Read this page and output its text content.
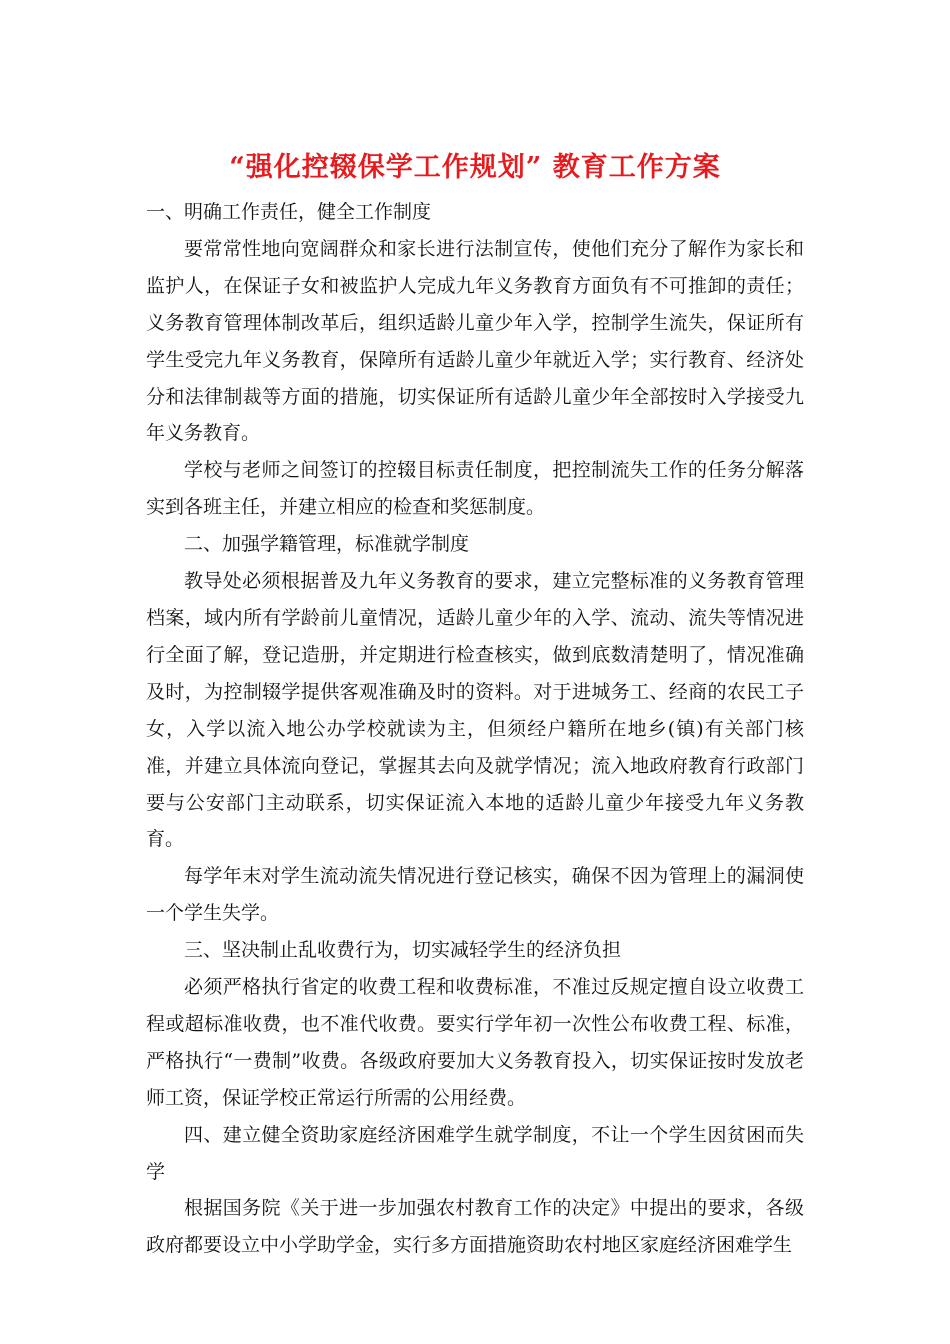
“强化控辍保学工作规划” 教育工作方案

一、明确工作责任，健全工作制度

要常常性地向宽阔群众和家长进行法制宣传，使他们充分了解作为家长和监护人，在保证子女和被监护人完成九年义务教育方面负有不可推卸的责任；义务教育管理体制改革后，组织适龄儿童少年入学，控制学生流失，保证所有学生受完九年义务教育，保障所有适龄儿童少年就近入学；实行教育、经济处分和法律制裁等方面的措施，切实保证所有适龄儿童少年全部按时入学接受九年义务教育。

学校与老师之间签订的控辍目标责任制度，把控制流失工作的任务分解落实到各班主任，并建立相应的检查和奖惩制度。

二、加强学籍管理，标准就学制度

教导处必须根据普及九年义务教育的要求，建立完整标准的义务教育管理档案，域内所有学龄前儿童情况，适龄儿童少年的入学、流动、流失等情况进行全面了解，登记造册，并定期进行检查核实，做到底数清楚明了，情况准确及时，为控制辍学提供客观准确及时的资料。对于进城务工、经商的农民工子女，入学以流入地公办学校就读为主，但须经户籍所在地乡(镇)有关部门核准，并建立具体流向登记，掌握其去向及就学情况；流入地政府教育行政部门要与公安部门主动联系，切实保证流入本地的适龄儿童少年接受九年义务教育。

每学年末对学生流动流失情况进行登记核实，确保不因为管理上的漏洞使一个学生失学。

三、坚决制止乱收费行为，切实减轻学生的经济负担

必须严格执行省定的收费工程和收费标准，不准过反规定擅自设立收费工程或超标准收费，也不准代收费。要实行学年初一次性公布收费工程、标准，严格执行“一费制”收费。各级政府要加大义务教育投入，切实保证按时发放老师工资，保证学校正常运行所需的公用经费。

四、建立健全资助家庭经济困难学生就学制度，不让一个学生因贫困而失学

根据国务院《关于进一步加强农村教育工作的决定》中提出的要求，各级政府都要设立中小学助学金，实行多方面措施资助农村地区家庭经济困难学生
